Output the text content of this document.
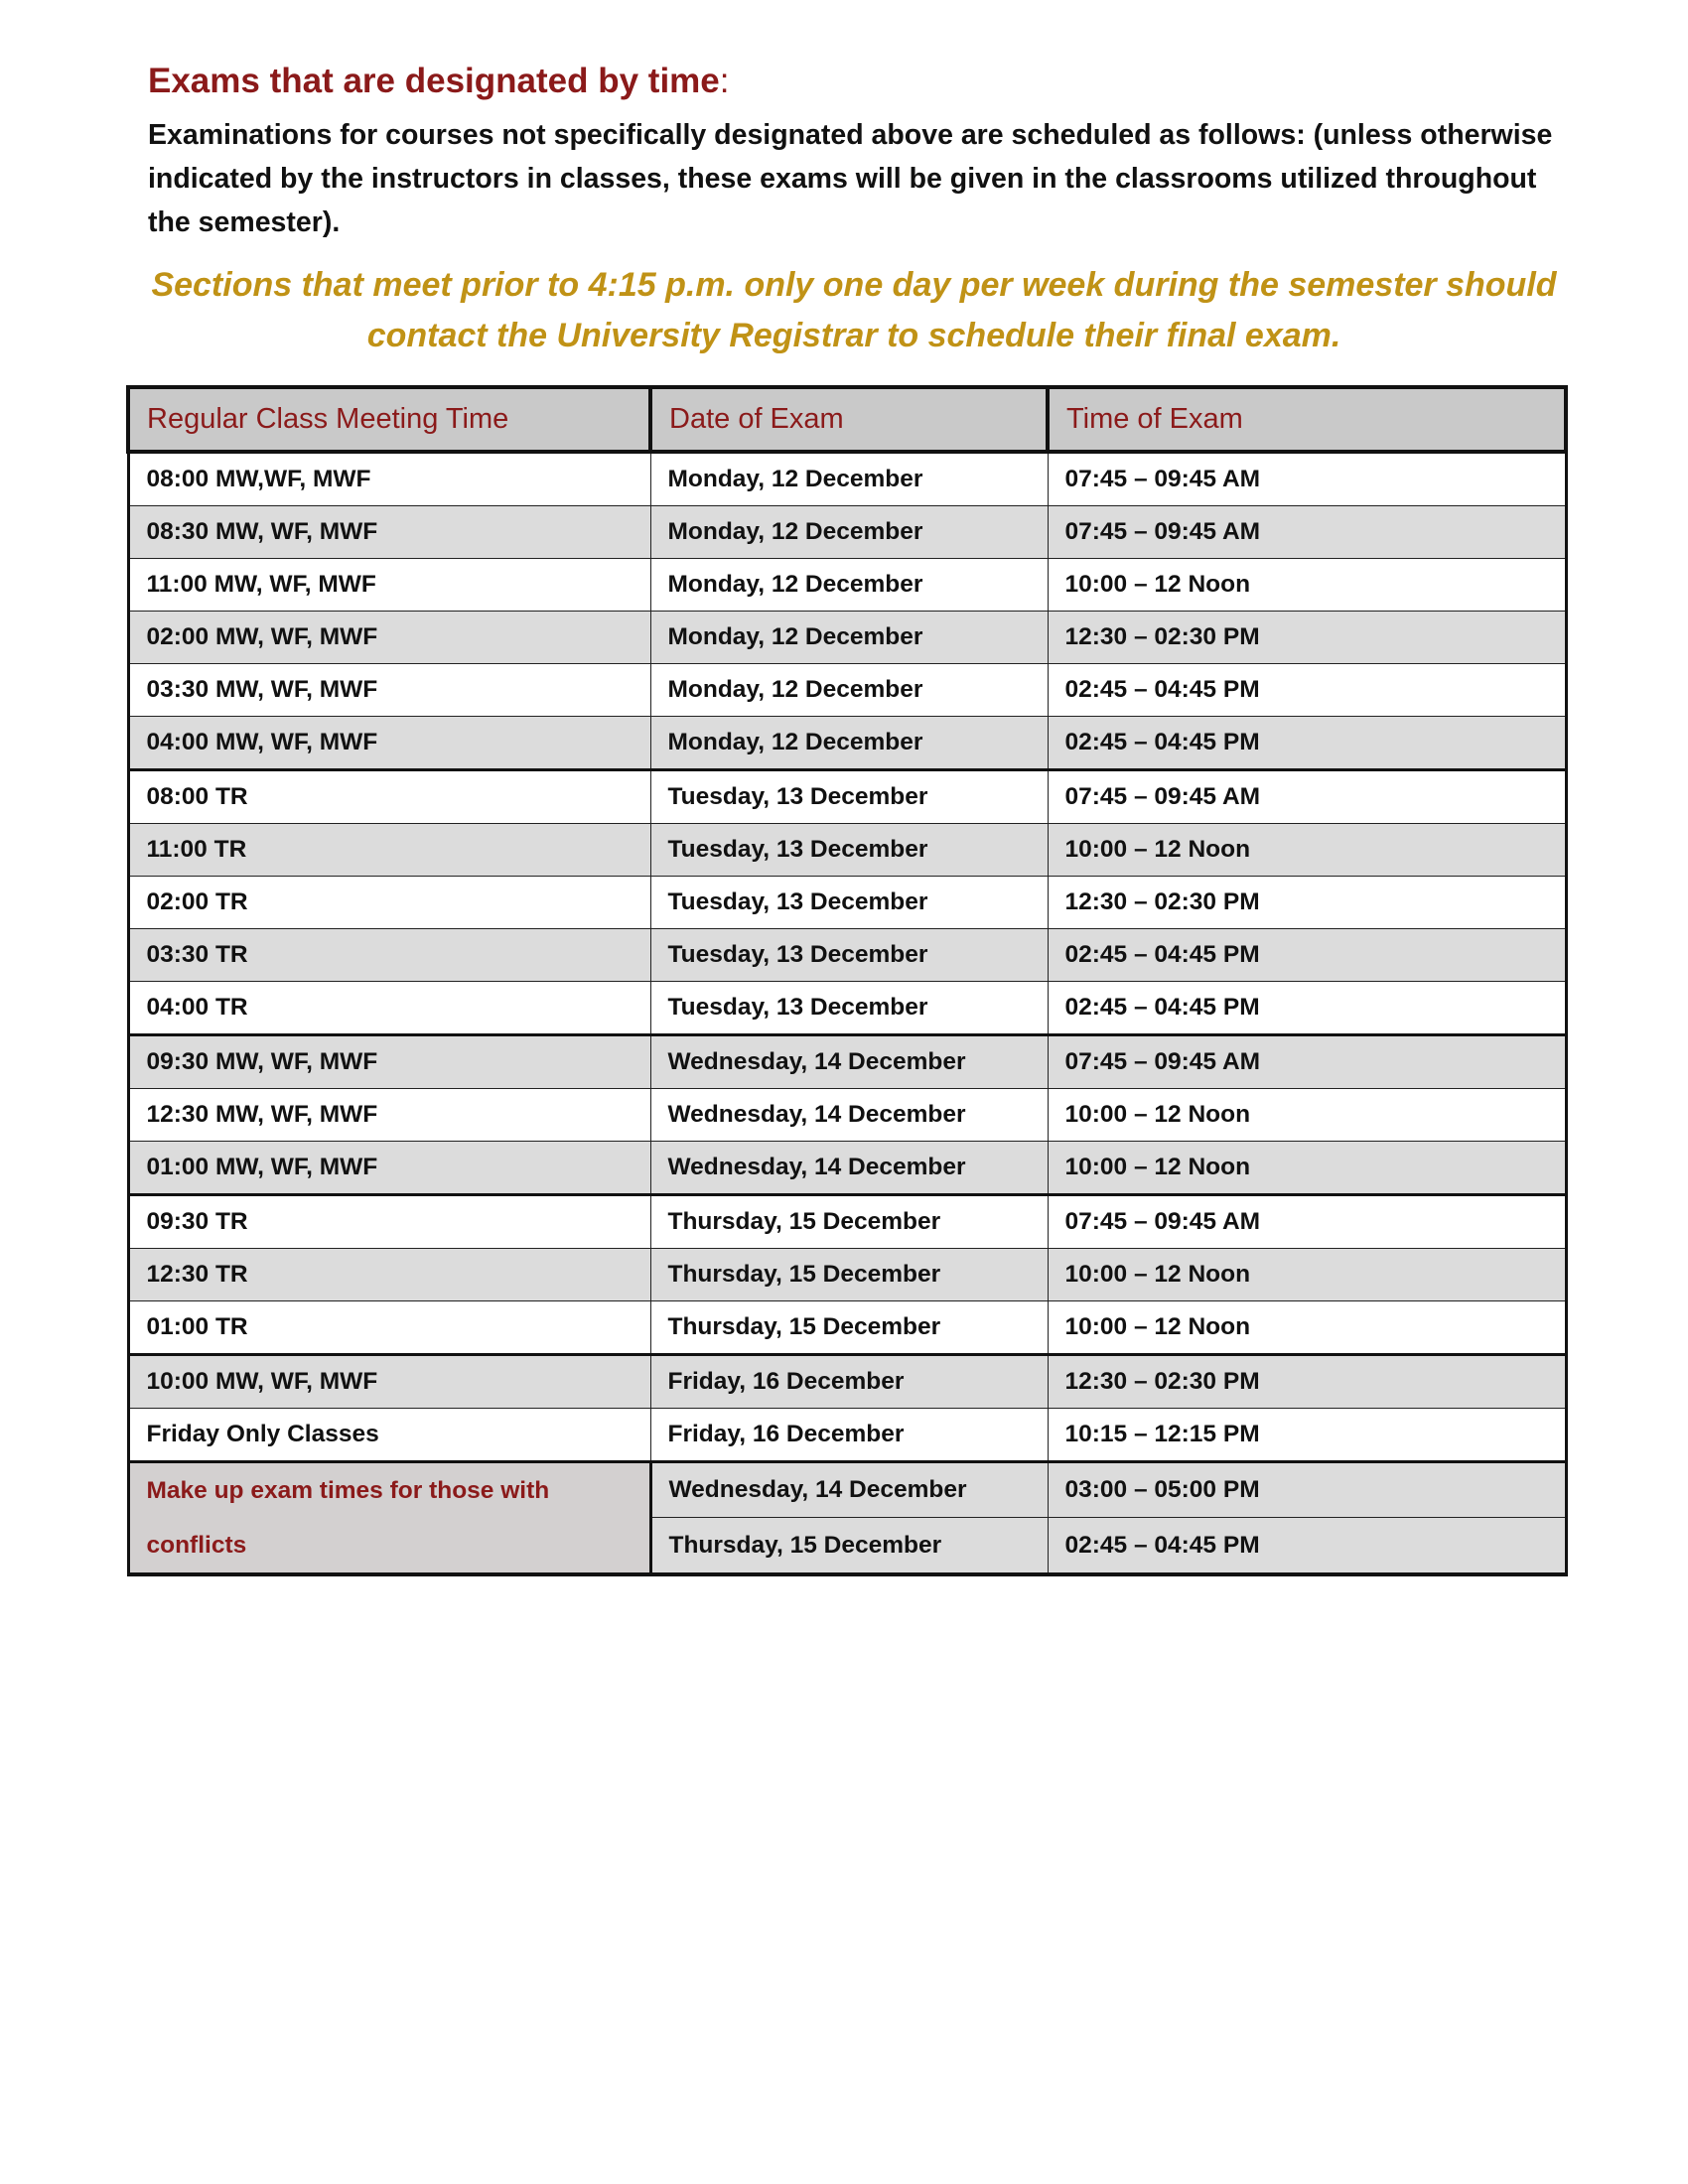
Exams that are designated by time:

Examinations for courses not specifically designated above are scheduled as follows: (unless otherwise indicated by the instructors in classes, these exams will be given in the classrooms utilized throughout the semester).

Sections that meet prior to 4:15 p.m. only one day per week during the semester should contact the University Registrar to schedule their final exam.

Regular Class Meeting Time	Date of Exam	Time of Exam
08:00 MW,WF, MWF	Monday, 12 December	07:45 – 09:45 AM
08:30 MW, WF, MWF	Monday, 12 December	07:45 – 09:45 AM
11:00 MW, WF, MWF	Monday, 12 December	10:00 – 12 Noon
02:00 MW, WF, MWF	Monday, 12 December	12:30 – 02:30 PM
03:30 MW, WF, MWF	Monday, 12 December	02:45 – 04:45 PM
04:00 MW, WF, MWF	Monday, 12 December	02:45 – 04:45 PM
08:00 TR	Tuesday, 13 December	07:45 – 09:45 AM
11:00 TR	Tuesday, 13 December	10:00 – 12 Noon
02:00 TR	Tuesday, 13 December	12:30 – 02:30 PM
03:30 TR	Tuesday, 13 December	02:45 – 04:45 PM
04:00 TR	Tuesday, 13 December	02:45 – 04:45 PM
09:30 MW, WF, MWF	Wednesday, 14 December	07:45 – 09:45 AM
12:30 MW, WF, MWF	Wednesday, 14 December	10:00 – 12 Noon
01:00 MW, WF, MWF	Wednesday, 14 December	10:00 – 12 Noon
09:30 TR	Thursday, 15 December	07:45 – 09:45 AM
12:30 TR	Thursday, 15 December	10:00 – 12 Noon
01:00 TR	Thursday, 15 December	10:00 – 12 Noon
10:00 MW, WF, MWF	Friday, 16 December	12:30 – 02:30 PM
Friday Only Classes	Friday, 16 December	10:15 – 12:15 PM
Make up exam times for those with conflicts	Wednesday, 14 December	03:00 – 05:00 PM
	Thursday, 15 December	02:45 – 04:45 PM
